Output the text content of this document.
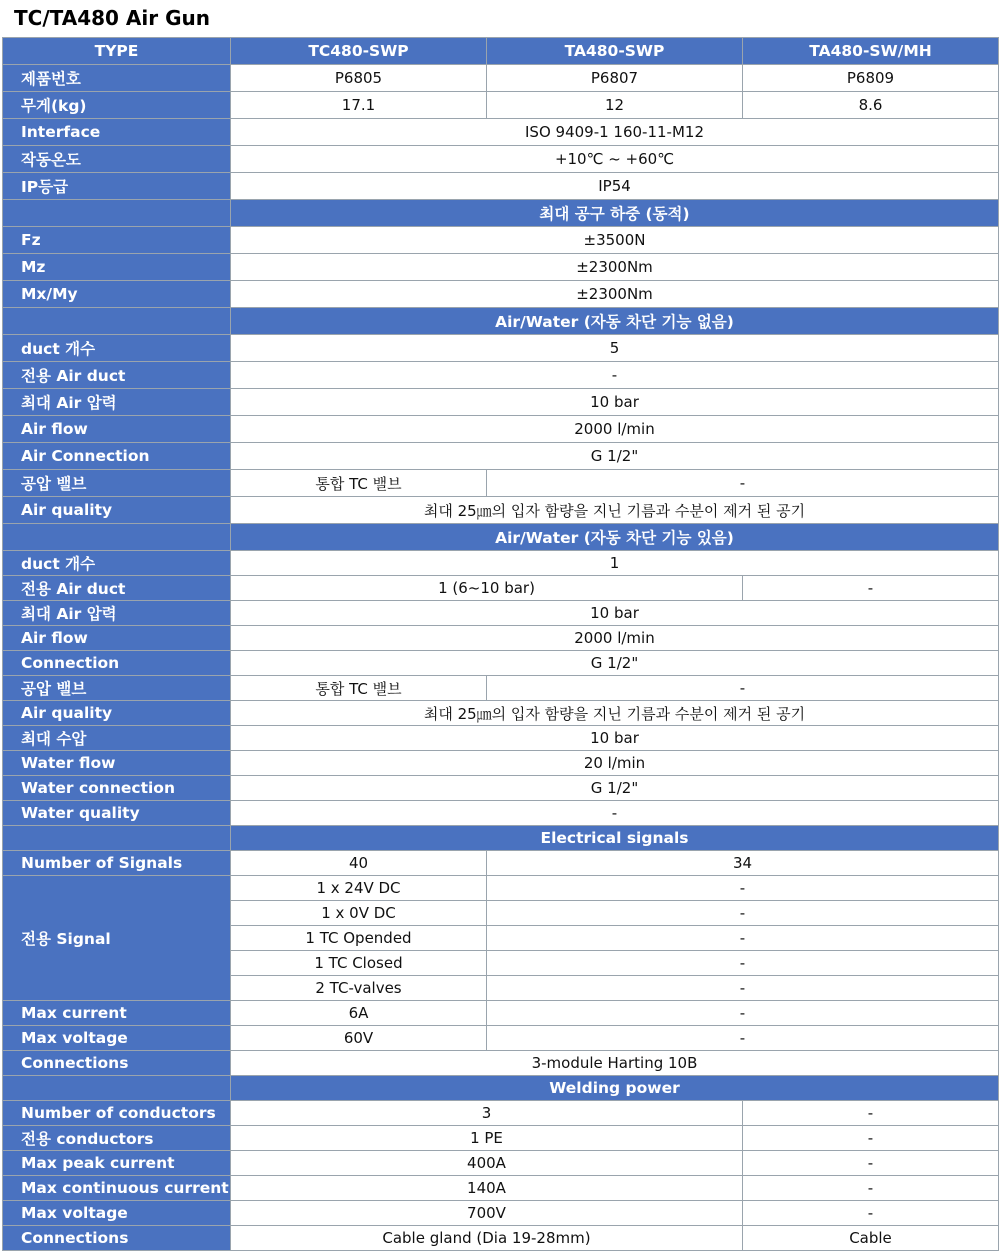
TC/TA480 Air Gun
TYPE	TC480-SWP	TA480-SWP	TA480-SW/MH
제품번호	P6805	P6807	P6809
무게(kg)	17.1	12	8.6
Interface	ISO 9409-1 160-11-M12		
작동온도	+10℃ ~ +60℃		
IP등급	IP54		
	최대 공구 하중 (동적)		
Fz	±3500N		
Mz	±2300Nm		
Mx/My	±2300Nm		
	Air/Water (자동 차단 기능 없음)		
duct 개수	5		
전용 Air duct	-		
최대 Air 압력	10 bar		
Air flow	2000 l/min		
Air Connection	G 1/2"		
공압 밸브	통합 TC 밸브	-	
Air quality	최대 25㎛의 입자 함량을 지닌 기름과 수분이 제거 된 공기		
	Air/Water (자동 차단 기능 있음)		
duct 개수	1		
전용 Air duct	1 (6~10 bar)		-
최대 Air 압력	10 bar		
Air flow	2000 l/min		
Connection	G 1/2"		
공압 밸브	통합 TC 밸브	-	
Air quality	최대 25㎛의 입자 함량을 지닌 기름과 수분이 제거 된 공기		
최대 수압	10 bar		
Water flow	20 l/min		
Water connection	G 1/2"		
Water quality	-		
	Electrical signals		
Number of Signals	40	34	
전용 Signal	1 x 24V DC	-	
	1 x 0V DC	-	
	1 TC Opended	-	
	1 TC Closed	-	
	2 TC-valves	-	
Max current	6A	-	
Max voltage	60V	-	
Connections	3-module Harting 10B		
	Welding power		
Number of conductors	3		-
전용 conductors	1 PE		-
Max peak current	400A		-
Max continuous current	140A		-
Max voltage	700V		-
Connections	Cable gland (Dia 19-28mm)		Cable
